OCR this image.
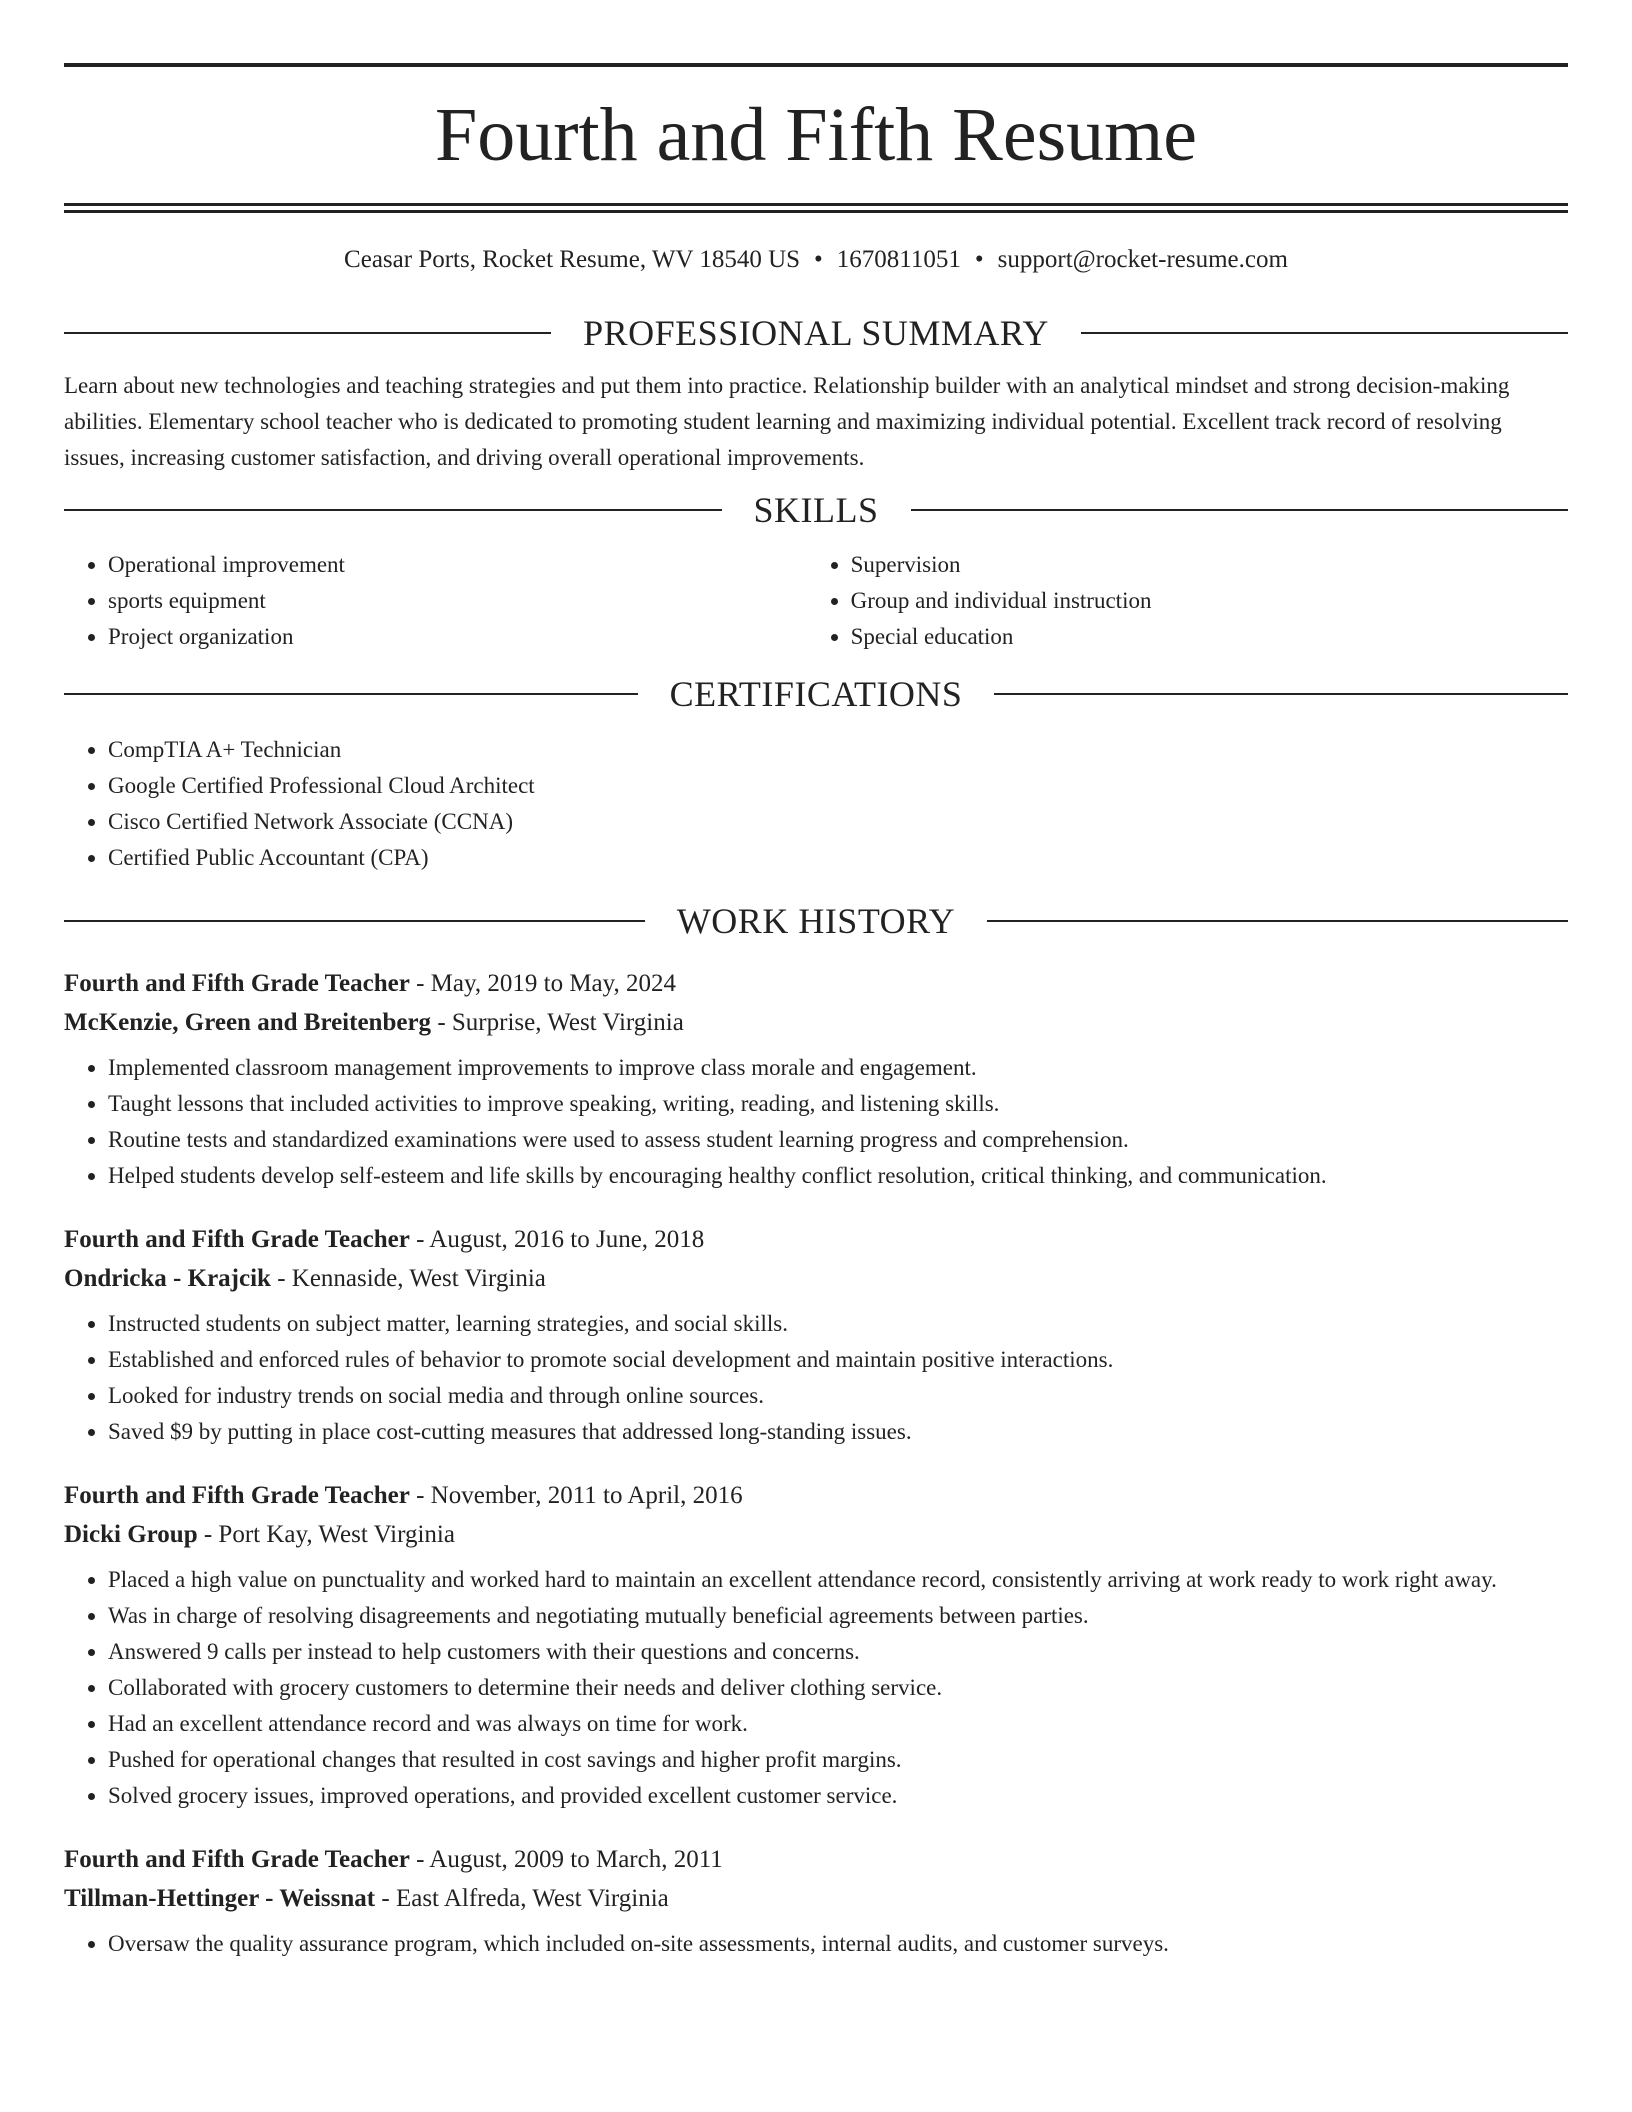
Fourth and Fifth Resume
Ceasar Ports, Rocket Resume, WV 18540 US • 1670811051 • support@rocket-resume.com
PROFESSIONAL SUMMARY

Learn about new technologies and teaching strategies and put them into practice. Relationship builder with an analytical mindset and strong decision-making abilities. Elementary school teacher who is dedicated to promoting student learning and maximizing individual potential. Excellent track record of resolving issues, increasing customer satisfaction, and driving overall operational improvements.

SKILLS
• Operational improvement
• sports equipment
• Project organization
• Supervision
• Group and individual instruction
• Special education
CERTIFICATIONS
• CompTIA A+ Technician
• Google Certified Professional Cloud Architect
• Cisco Certified Network Associate (CCNA)
• Certified Public Accountant (CPA)
WORK HISTORY
Fourth and Fifth Grade Teacher - May, 2019 to May, 2024
McKenzie, Green and Breitenberg - Surprise, West Virginia
• Implemented classroom management improvements to improve class morale and engagement.
• Taught lessons that included activities to improve speaking, writing, reading, and listening skills.
• Routine tests and standardized examinations were used to assess student learning progress and comprehension.
• Helped students develop self-esteem and life skills by encouraging healthy conflict resolution, critical thinking, and communication.
Fourth and Fifth Grade Teacher - August, 2016 to June, 2018
Ondricka - Krajcik - Kennaside, West Virginia
• Instructed students on subject matter, learning strategies, and social skills.
• Established and enforced rules of behavior to promote social development and maintain positive interactions.
• Looked for industry trends on social media and through online sources.
• Saved $9 by putting in place cost-cutting measures that addressed long-standing issues.
Fourth and Fifth Grade Teacher - November, 2011 to April, 2016
Dicki Group - Port Kay, West Virginia
• Placed a high value on punctuality and worked hard to maintain an excellent attendance record, consistently arriving at work ready to work right away.
• Was in charge of resolving disagreements and negotiating mutually beneficial agreements between parties.
• Answered 9 calls per instead to help customers with their questions and concerns.
• Collaborated with grocery customers to determine their needs and deliver clothing service.
• Had an excellent attendance record and was always on time for work.
• Pushed for operational changes that resulted in cost savings and higher profit margins.
• Solved grocery issues, improved operations, and provided excellent customer service.
Fourth and Fifth Grade Teacher - August, 2009 to March, 2011
Tillman-Hettinger - Weissnat - East Alfreda, West Virginia
• Oversaw the quality assurance program, which included on-site assessments, internal audits, and customer surveys.
